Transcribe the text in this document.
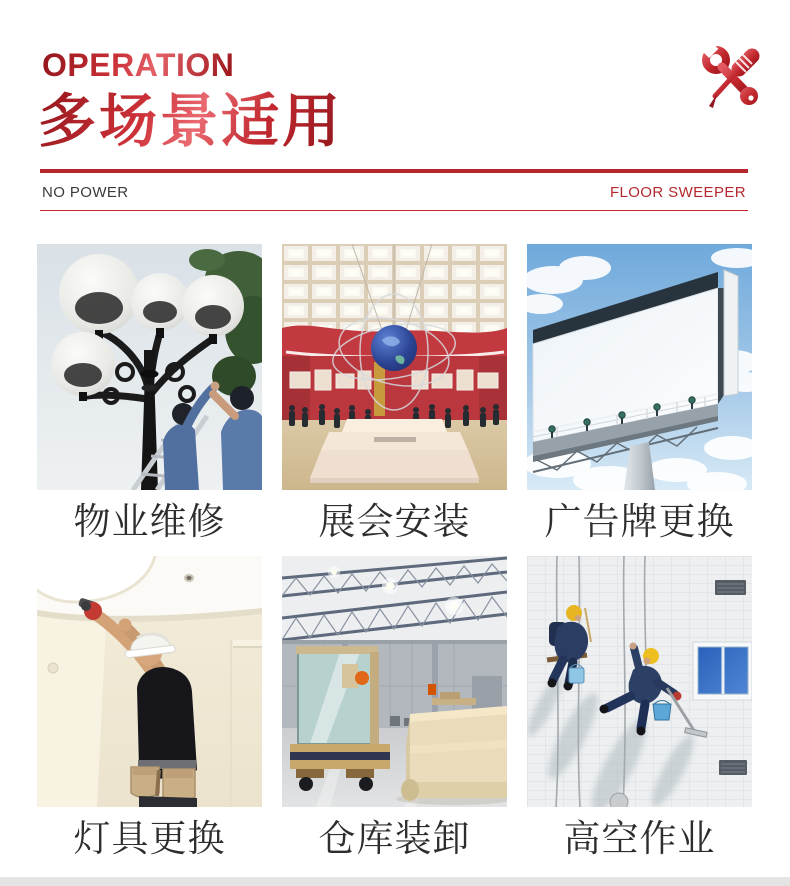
OPERATION
多场景适用
NO POWER	FLOOR SWEEPER
物业维修	展会安装 广告牌更换
灯具更换	仓库装卸	高空作业
